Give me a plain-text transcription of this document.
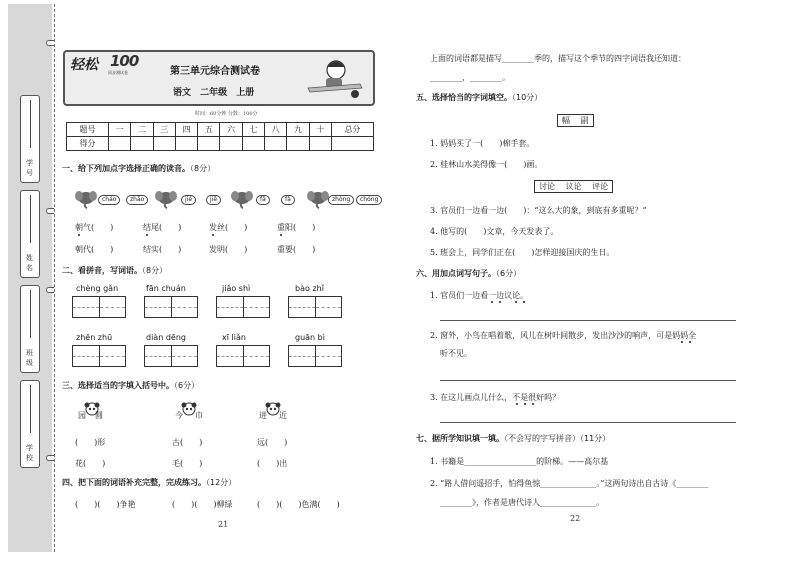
学号
姓名
班级
学校
轻松 100
同步测试卷	第三单元综合测试卷
语文 二年级 上册
时间：60分钟 分数：100分
题号	一	二	三	四	五	六	七	八	九	十	总分
得分											
一、给下列加点字选择正确的读音。（8分）
cháo	zhāo	jié	jiē	fā	fà	zhòng	chóng
朝气(　　)	结尾(　　)	发丝(　　)	重阳(　　)
朝代(　　)	结实(　　)	发明(　　)	重要(　　)
二、看拼音，写词语。（8分）
chèng gǎn	fān chuán	jiǎo shì	bào zhǐ
zhēn zhū	diàn dēng	xī liǎn	guān bì
三、选择适当的字填入括号中。（6分）
园 圆	今 巾	进 近
(　　)形	古(　　)	远(　　)
花(　　)	毛(　　)	(　　)出
四、把下面的词语补充完整，完成练习。（12分）
(　　)(　　)争艳	(　　)(　　)柳绿	(　　)(　　)色满(　　)
21
上面的词语都是描写________季的，描写这个季节的四字词语我还知道：
________，________。
五、选择恰当的字词填空。（10分）
幅 副
1. 妈妈买了一(　　)棉手套。
2. 桂林山水美得像一(　　)画。
讨论 议论 评论
3. 官员们一边看一边(　　)：“这么大的象，到底有多重呢？”
4. 他写的(　　)文章，今天发表了。
5. 班会上，同学们正在(　　)怎样迎接国庆的生日。
六、用加点词写句子。（6分）
1. 官员们一边看一边议论。
2. 窗外，小鸟在唱着歌，风儿在树叶间散步，发出沙沙的响声，可是妈妈全
听不见。
3. 在这儿画点儿什么，不是很好吗？
七、据所学知识填一填。（不会写的字写拼音）（11分）
1. 书籍是__________________的阶梯。——高尔基
2. “路人借问遥招手，怕得鱼惊______________。”这两句诗出自古诗《________
________》，作者是唐代诗人______________。
22
